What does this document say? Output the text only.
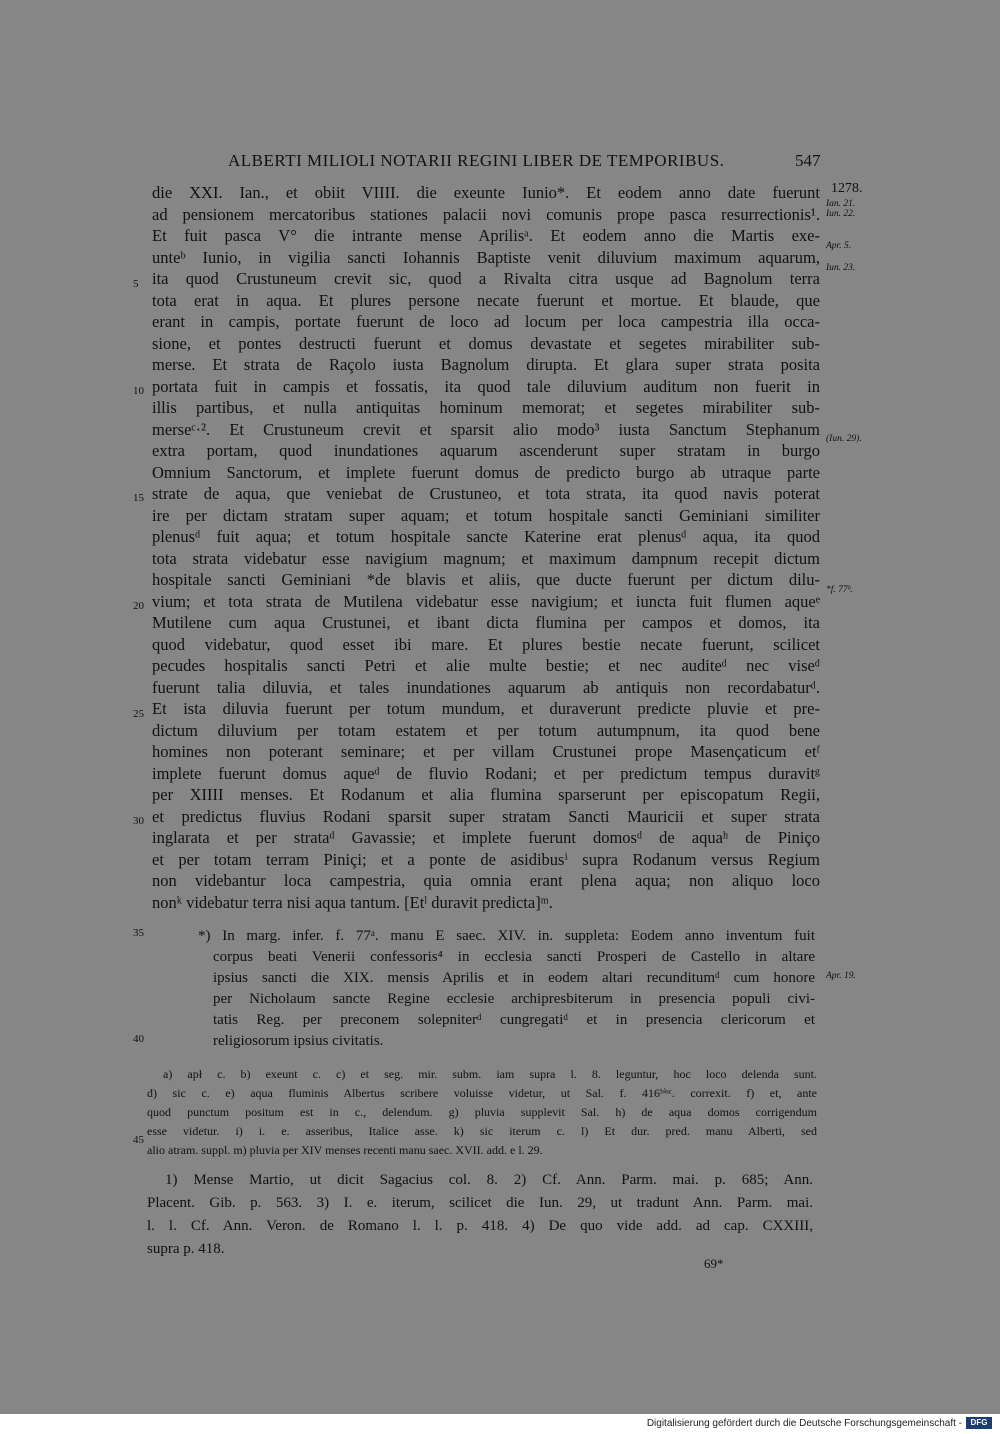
ALBERTI MILIOLI NOTARII REGINI LIBER DE TEMPORIBUS.	547
die XXI. Ian., et obiit VIIII. die exeunte Iunio*. Et eodem anno date fuerunt
ad pensionem mercatoribus stationes palacii novi comunis prope pasca resurrectionis¹.
Et fuit pasca V° die intrante mense Aprilisᵃ. Et eodem anno die Martis exe-
unteᵇ Iunio, in vigilia sancti Iohannis Baptiste venit diluvium maximum aquarum,
ita quod Crustuneum crevit sic, quod a Rivalta citra usque ad Bagnolum terra
tota erat in aqua. Et plures persone necate fuerunt et mortue. Et blaude, que
erant in campis, portate fuerunt de loco ad locum per loca campestria illa occa-
sione, et pontes destructi fuerunt et domus devastate et segetes mirabiliter sub-
merse. Et strata de Raçolo iusta Bagnolum dirupta. Et glara super strata posita
portata fuit in campis et fossatis, ita quod tale diluvium auditum non fuerit in
illis partibus, et nulla antiquitas hominum memorat; et segetes mirabiliter sub-
merseᶜ·². Et Crustuneum crevit et sparsit alio modo³ iusta Sanctum Stephanum
extra portam, quod inundationes aquarum ascenderunt super stratam in burgo
Omnium Sanctorum, et implete fuerunt domus de predicto burgo ab utraque parte
strate de aqua, que veniebat de Crustuneo, et tota strata, ita quod navis poterat
ire per dictam stratam super aquam; et totum hospitale sancti Geminiani similiter
plenusᵈ fuit aqua; et totum hospitale sancte Katerine erat plenusᵈ aqua, ita quod
tota strata videbatur esse navigium magnum; et maximum dampnum recepit dictum
hospitale sancti Geminiani *de blavis et aliis, que ducte fuerunt per dictum dilu-
vium; et tota strata de Mutilena videbatur esse navigium; et iuncta fuit flumen aqueᵉ
Mutilene cum aqua Crustunei, et ibant dicta flumina per campos et domos, ita
quod videbatur, quod esset ibi mare. Et plures bestie necate fuerunt, scilicet
pecudes hospitalis sancti Petri et alie multe bestie; et nec auditeᵈ nec viseᵈ
fuerunt talia diluvia, et tales inundationes aquarum ab antiquis non recordabaturᵈ.
Et ista diluvia fuerunt per totum mundum, et duraverunt predicte pluvie et pre-
dictum diluvium per totam estatem et per totum autumpnum, ita quod bene
homines non poterant seminare; et per villam Crustunei prope Masençaticum etᶠ
implete fuerunt domus aqueᵈ de fluvio Rodani; et per predictum tempus duravitᵍ
per XIIII menses. Et Rodanum et alia flumina sparserunt per episcopatum Regii,
et predictus fluvius Rodani sparsit super stratam Sancti Mauricii et super strata
inglarata et per strataᵈ Gavassie; et implete fuerunt domosᵈ de aquaʰ de Piniço
et per totam terram Piniçi; et a ponte de asidibusⁱ supra Rodanum versus Regium
non videbantur loca campestria, quia omnia erant plena aqua; non aliquo loco
nonᵏ videbatur terra nisi aqua tantum. [Etˡ duravit predicta]ᵐ.
5
10
15
20
25
30
35
40
45
1278.
Ian. 21.
Iun. 22.
Apr. 5.
Iun. 23.
(Iun. 29).
*f. 77ᵇ.
Apr. 19.
*) In marg. infer. f. 77ᵃ. manu E saec. XIV. in. suppleta: Eodem anno inventum fuit
corpus beati Venerii confessoris⁴ in ecclesia sancti Prosperi de Castello in altare
ipsius sancti die XIX. mensis Aprilis et in eodem altari recunditumᵈ cum honore
per Nicholaum sancte Regine ecclesie archipresbiterum in presencia populi civi-
tatis Reg. per preconem solepniterᵈ cungregatiᵈ et in presencia clericorum et
religiosorum ipsius civitatis.
a) apł c. b) exeunt c. c) et seg. mir. subm. iam supra l. 8. leguntur, hoc loco delenda sunt.
d) sic c. e) aqua fluminis Albertus scribere voluisse videtur, ut Sal. f. 416ᵇⁱˢᶜ. correxit. f) et, ante
quod punctum positum est in c., delendum. g) pluvia supplevit Sal. h) de aqua domos corrigendum
esse videtur. i) i. e. asseribus, Italice asse. k) sic iterum c. l) Et dur. pred. manu Alberti, sed
alio atram. suppl. m) pluvia per XIV menses recenti manu saec. XVII. add. e l. 29.
1) Mense Martio, ut dicit Sagacius col. 8. 2) Cf. Ann. Parm. mai. p. 685; Ann.
Placent. Gib. p. 563. 3) I. e. iterum, scilicet die Iun. 29, ut tradunt Ann. Parm. mai.
l. l. Cf. Ann. Veron. de Romano l. l. p. 418. 4) De quo vide add. ad cap. CXXIII,
supra p. 418.
69*
Digitalisierung gefördert durch die Deutsche Forschungsgemeinschaft -	DFG
